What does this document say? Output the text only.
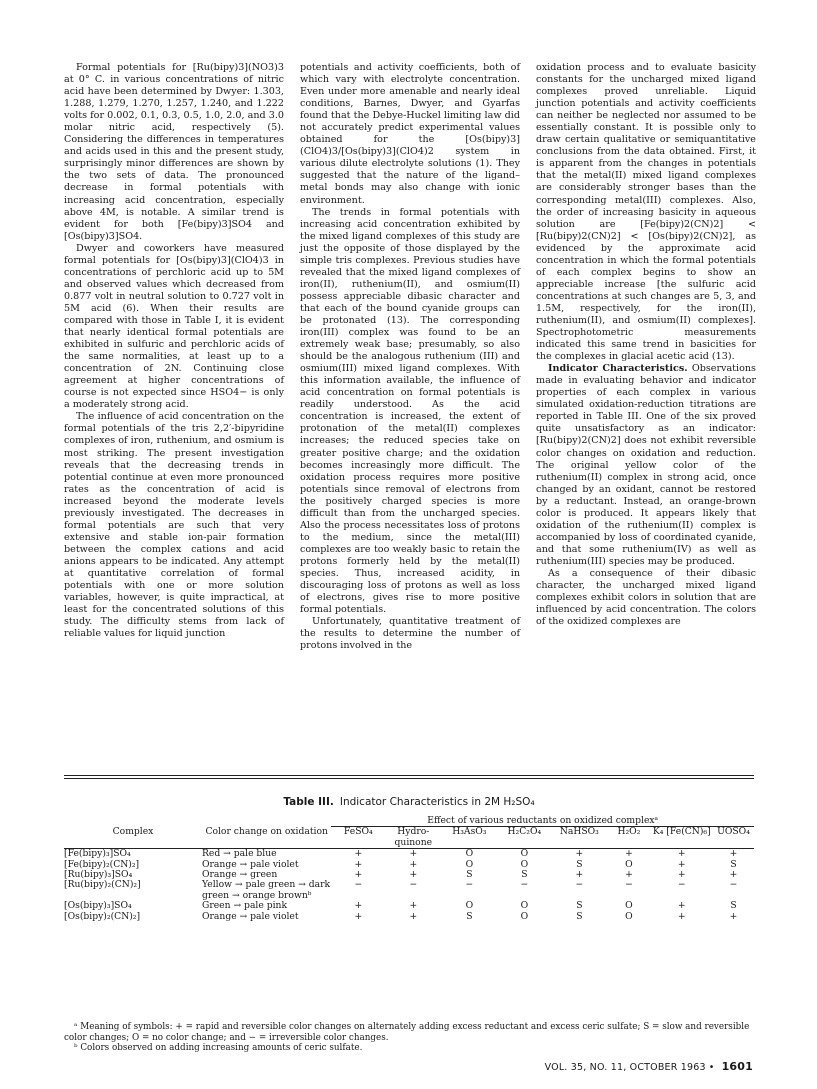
Formal potentials for [Ru(bipy)3](NO3)3 at 0° C. in various concentrations of nitric acid have been determined by Dwyer: 1.303, 1.288, 1.279, 1.270, 1.257, 1.240, and 1.222 volts for 0.002, 0.1, 0.3, 0.5, 1.0, 2.0, and 3.0 molar nitric acid, respectively (5). Considering the differences in temperatures and acids used in this and the present study, surprisingly minor differences are shown by the two sets of data. The pronounced decrease in formal potentials with increasing acid concentration, especially above 4M, is notable. A similar trend is evident for both [Fe(bipy)3]SO4 and [Os(bipy)3]SO4.

Dwyer and coworkers have measured formal potentials for [Os(bipy)3](ClO4)3 in concentrations of perchloric acid up to 5M and observed values which decreased from 0.877 volt in neutral solution to 0.727 volt in 5M acid (6). When their results are compared with those in Table I, it is evident that nearly identical formal potentials are exhibited in sulfuric and perchloric acids of the same normalities, at least up to a concentration of 2N. Continuing close agreement at higher concentrations of course is not expected since HSO4− is only a moderately strong acid.

The influence of acid concentration on the formal potentials of the tris 2,2′-bipyridine complexes of iron, ruthenium, and osmium is most striking. The present investigation reveals that the decreasing trends in potential continue at even more pronounced rates as the concentration of acid is increased beyond the moderate levels previously investigated. The decreases in formal potentials are such that very extensive and stable ion-pair formation between the complex cations and acid anions appears to be indicated. Any attempt at quantitative correlation of formal potentials with one or more solution variables, however, is quite impractical, at least for the concentrated solutions of this study. The difficulty stems from lack of reliable values for liquid junction

potentials and activity coefficients, both of which vary with electrolyte concentration. Even under more amenable and nearly ideal conditions, Barnes, Dwyer, and Gyarfas found that the Debye-Huckel limiting law did not accurately predict experimental values obtained for the [Os(bipy)3](ClO4)3/[Os(bipy)3](ClO4)2 system in various dilute electrolyte solutions (1). They suggested that the nature of the ligand–metal bonds may also change with ionic environment.

The trends in formal potentials with increasing acid concentration exhibited by the mixed ligand complexes of this study are just the opposite of those displayed by the simple tris complexes. Previous studies have revealed that the mixed ligand complexes of iron(II), ruthenium(II), and osmium(II) possess appreciable dibasic character and that each of the bound cyanide groups can be protonated (13). The corresponding iron(III) complex was found to be an extremely weak base; presumably, so also should be the analogous ruthenium (III) and osmium(III) mixed ligand complexes. With this information available, the influence of acid concentration on formal potentials is readily understood. As the acid concentration is increased, the extent of protonation of the metal(II) complexes increases; the reduced species take on greater positive charge; and the oxidation becomes increasingly more difficult. The oxidation process requires more positive potentials since removal of electrons from the positively charged species is more difficult than from the uncharged species. Also the process necessitates loss of protons to the medium, since the metal(III) complexes are too weakly basic to retain the protons formerly held by the metal(II) species. Thus, increased acidity, in discouraging loss of protons as well as loss of electrons, gives rise to more positive formal potentials.

Unfortunately, quantitative treatment of the results to determine the number of protons involved in the

oxidation process and to evaluate basicity constants for the uncharged mixed ligand complexes proved unreliable. Liquid junction potentials and activity coefficients can neither be neglected nor assumed to be essentially constant. It is possible only to draw certain qualitative or semiquantitative conclusions from the data obtained. First, it is apparent from the changes in potentials that the metal(II) mixed ligand complexes are considerably stronger bases than the corresponding metal(III) complexes. Also, the order of increasing basicity in aqueous solution are [Fe(bipy)2(CN)2] < [Ru(bipy)2(CN)2] < [Os(bipy)2(CN)2], as evidenced by the approximate acid concentration in which the formal potentials of each complex begins to show an appreciable increase [the sulfuric acid concentrations at such changes are 5, 3, and 1.5M, respectively, for the iron(II), ruthenium(II), and osmium(II) complexes]. Spectrophotometric measurements indicated this same trend in basicities for the complexes in glacial acetic acid (13).

Indicator Characteristics. Observations made in evaluating behavior and indicator properties of each complex in various simulated oxidation-reduction titrations are reported in Table III. One of the six proved quite unsatisfactory as an indicator: [Ru(bipy)2(CN)2] does not exhibit reversible color changes on oxidation and reduction. The original yellow color of the ruthenium(II) complex in strong acid, once changed by an oxidant, cannot be restored by a reductant. Instead, an orange-brown color is produced. It appears likely that oxidation of the ruthenium(II) complex is accompanied by loss of coordinated cyanide, and that some ruthenium(IV) as well as ruthenium(III) species may be produced.

As a consequence of their dibasic character, the uncharged mixed ligand complexes exhibit colors in solution that are influenced by acid concentration. The colors of the oxidized complexes are

Table III. Indicator Characteristics in 2M H₂SO₄
		Effect of various reductants on oxidized complexᵃ							
Complex	Color change on oxidation	FeSO₄	Hydro-quinone	H₃AsO₃	H₂C₂O₄	NaHSO₃	H₂O₂	K₄ [Fe(CN)₆]	UOSO₄
[Fe(bipy)₃]SO₄	Red → pale blue	+	+	O	O	+	+	+	+
[Fe(bipy)₂(CN)₂]	Orange → pale violet	+	+	O	O	S	O	+	S
[Ru(bipy)₃]SO₄	Orange → green	+	+	S	S	+	+	+	+
[Ru(bipy)₂(CN)₂]	Yellow → pale green → dark green → orange brownᵇ	−	−	−	−	−	−	−	−
[Os(bipy)₃]SO₄	Green → pale pink	+	+	O	O	S	O	+	S
[Os(bipy)₂(CN)₂]	Orange → pale violet	+	+	S	O	S	O	+	+

ᵃ Meaning of symbols: + = rapid and reversible color changes on alternately adding excess reductant and excess ceric sulfate; S = slow and reversible color changes; O = no color change; and − = irreversible color changes.

ᵇ Colors observed on adding increasing amounts of ceric sulfate.

VOL. 35, NO. 11, OCTOBER 1963 • 1601
